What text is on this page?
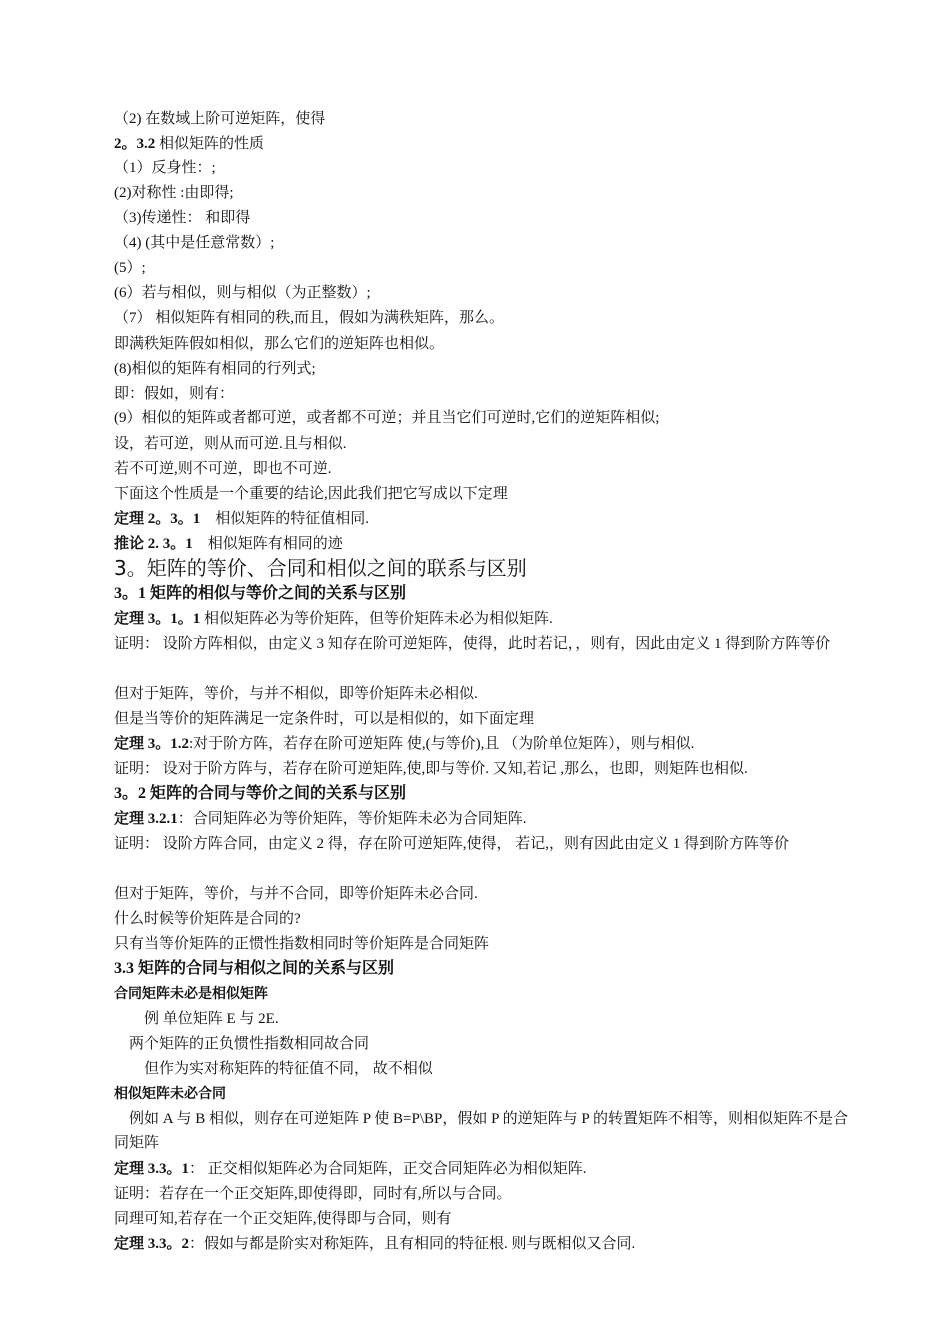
（2) 在数域上阶可逆矩阵，使得
2。3.2 相似矩阵的性质
（1）反身性：;
(2)对称性 :由即得;
（3)传递性： 和即得
（4) (其中是任意常数）;
(5）;
(6）若与相似，则与相似（为正整数）;
（7） 相似矩阵有相同的秩,而且，假如为满秩矩阵，那么。
即满秩矩阵假如相似，那么它们的逆矩阵也相似。
(8)相似的矩阵有相同的行列式;
即：假如，则有：
(9）相似的矩阵或者都可逆，或者都不可逆；并且当它们可逆时,它们的逆矩阵相似;
设，若可逆，则从而可逆.且与相似.
若不可逆,则不可逆，即也不可逆.
下面这个性质是一个重要的结论,因此我们把它写成以下定理
定理 2。3。1　相似矩阵的特征值相同.
推论 2. 3。1　相似矩阵有相同的迹
3。矩阵的等价、合同和相似之间的联系与区别
3。1 矩阵的相似与等价之间的关系与区别
定理 3。1。1 相似矩阵必为等价矩阵，但等价矩阵未必为相似矩阵.
证明： 设阶方阵相似，由定义 3 知存在阶可逆矩阵，使得，此时若记，，则有，因此由定义 1 得到阶方阵等价
但对于矩阵，等价，与并不相似，即等价矩阵未必相似.
但是当等价的矩阵满足一定条件时，可以是相似的，如下面定理
定理 3。1.2:对于阶方阵，若存在阶可逆矩阵 使,(与等价),且 （为阶单位矩阵），则与相似.
证明： 设对于阶方阵与，若存在阶可逆矩阵,使,即与等价. 又知,若记 ,那么，也即，则矩阵也相似.
3。2 矩阵的合同与等价之间的关系与区别
定理 3.2.1：合同矩阵必为等价矩阵，等价矩阵未必为合同矩阵.
证明： 设阶方阵合同，由定义 2 得，存在阶可逆矩阵,使得， 若记,，则有因此由定义 1 得到阶方阵等价
但对于矩阵，等价，与并不合同，即等价矩阵未必合同.
什么时候等价矩阵是合同的?
只有当等价矩阵的正惯性指数相同时等价矩阵是合同矩阵
3.3 矩阵的合同与相似之间的关系与区别
合同矩阵未必是相似矩阵
　　例 单位矩阵 E 与 2E.
　两个矩阵的正负惯性指数相同故合同
　　但作为实对称矩阵的特征值不同， 故不相似
相似矩阵未必合同
　例如 A 与 B 相似，则存在可逆矩阵 P 使 B=P\BP，假如 P 的逆矩阵与 P 的转置矩阵不相等，则相似矩阵不是合同矩阵
定理 3.3。1： 正交相似矩阵必为合同矩阵，正交合同矩阵必为相似矩阵.
证明：若存在一个正交矩阵,即使得即，同时有,所以与合同。
同理可知,若存在一个正交矩阵,使得即与合同，则有
定理 3.3。2：假如与都是阶实对称矩阵，且有相同的特征根. 则与既相似又合同.
